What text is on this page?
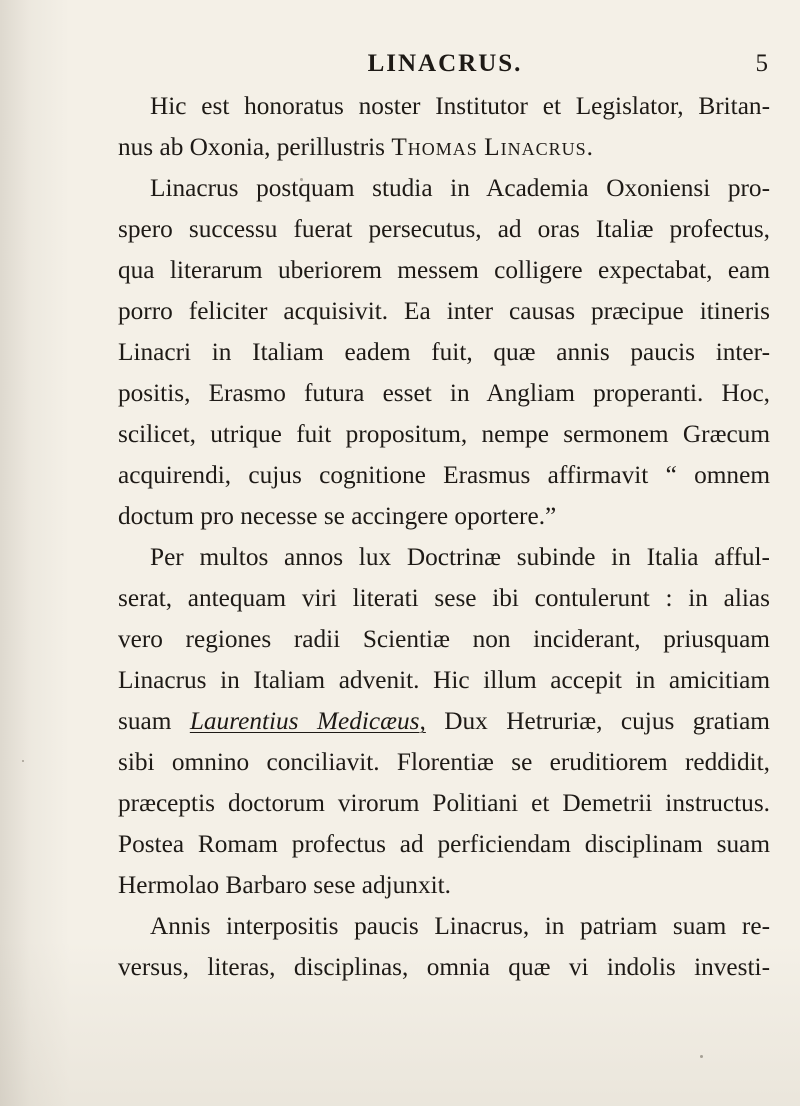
LINACRUS.	5
Hic est honoratus noster Institutor et Legislator, Britan-
nus ab Oxonia, perillustris Thomas Linacrus.
Linacrus postquam studia in Academia Oxoniensi pro-
spero successu fuerat persecutus, ad oras Italiæ profectus,
qua literarum uberiorem messem colligere expectabat, eam
porro feliciter acquisivit. Ea inter causas præcipue itineris
Linacri in Italiam eadem fuit, quæ annis paucis inter-
positis, Erasmo futura esset in Angliam properanti. Hoc,
scilicet, utrique fuit propositum, nempe sermonem Græcum
acquirendi, cujus cognitione Erasmus affirmavit “ omnem
doctum pro necesse se accingere oportere.”
Per multos annos lux Doctrinæ subinde in Italia afful-
serat, antequam viri literati sese ibi contulerunt : in alias
vero regiones radii Scientiæ non inciderant, priusquam
Linacrus in Italiam advenit. Hic illum accepit in amicitiam
suam Laurentius Medicæus, Dux Hetruriæ, cujus gratiam
sibi omnino conciliavit. Florentiæ se eruditiorem reddidit,
præceptis doctorum virorum Politiani et Demetrii instructus.
Postea Romam profectus ad perficiendam disciplinam suam
Hermolao Barbaro sese adjunxit.
Annis interpositis paucis Linacrus, in patriam suam re-
versus, literas, disciplinas, omnia quæ vi indolis investi-
